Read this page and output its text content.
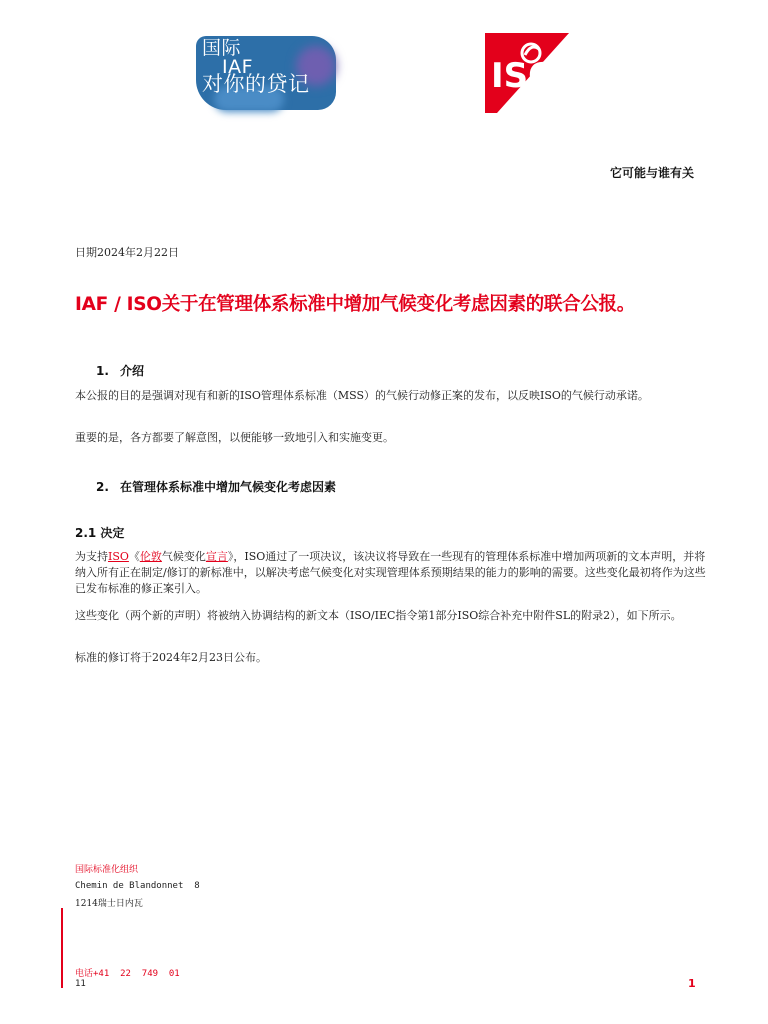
国际
IAF
对你的贷记	ISO
它可能与谁有关
日期2024年2月22日
IAF / ISO关于在管理体系标准中增加气候变化考虑因素的联合公报。
1. 介绍
本公报的目的是强调对现有和新的ISO管理体系标准（MSS）的气候行动修正案的发布，以反映ISO的气候行动承诺。
重要的是，各方都要了解意图，以便能够一致地引入和实施变更。
2. 在管理体系标准中增加气候变化考虑因素
2.1 决定
为支持ISO《伦敦气候变化宣言》，ISO通过了一项决议，该决议将导致在一些现有的管理体系标准中增加两项新的文本声明，并将纳入所有正在制定/修订的新标准中，以解决考虑气候变化对实现管理体系预期结果的能力的影响的需要。这些变化最初将作为这些已发布标准的修正案引入。
这些变化（两个新的声明）将被纳入协调结构的新文本（ISO/IEC指令第1部分ISO综合补充中附件SL的附录2），如下所示。
标准的修订将于2024年2月23日公布。
国际标准化组织
Chemin de Blandonnet  8
1214瑞士日内瓦
电话+41  22  749  01
11	1
